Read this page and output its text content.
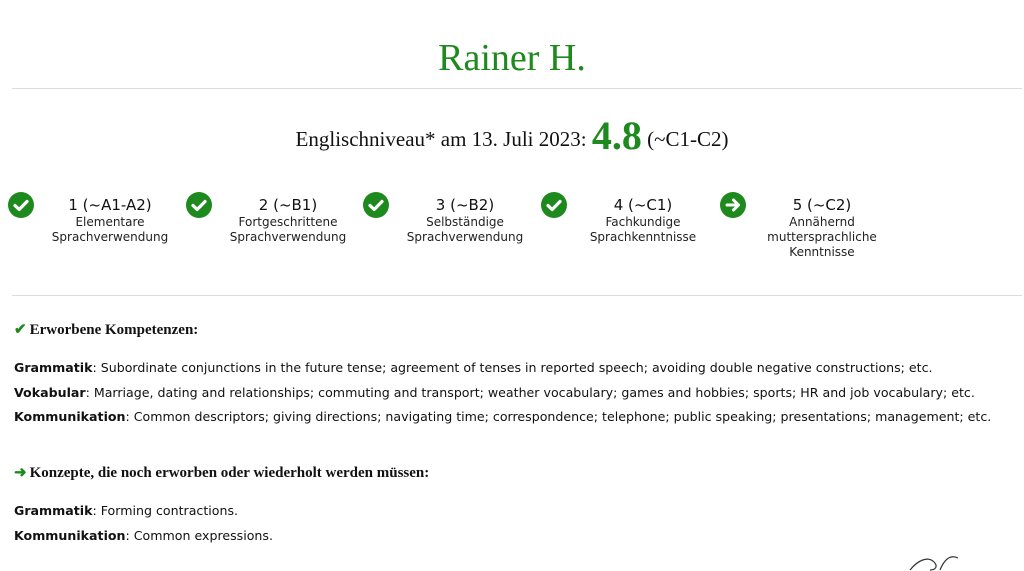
Rainer H.
Englischniveau* am 13. Juli 2023: 4.8 (~C1-C2)
1 (~A1-A2)
Elementare
Sprachverwendung
2 (~B1)
Fortgeschrittene
Sprachverwendung
3 (~B2)
Selbständige
Sprachverwendung
4 (~C1)
Fachkundige
Sprachkenntnisse
5 (~C2)
Annähernd
muttersprachliche
Kenntnisse
✔ Erworbene Kompetenzen:
Grammatik: Subordinate conjunctions in the future tense; agreement of tenses in reported speech; avoiding double negative constructions; etc.
Vokabular: Marriage, dating and relationships; commuting and transport; weather vocabulary; games and hobbies; sports; HR and job vocabulary; etc.
Kommunikation: Common descriptors; giving directions; navigating time; correspondence; telephone; public speaking; presentations; management; etc.
➜ Konzepte, die noch erworben oder wiederholt werden müssen:
Grammatik: Forming contractions.
Kommunikation: Common expressions.
